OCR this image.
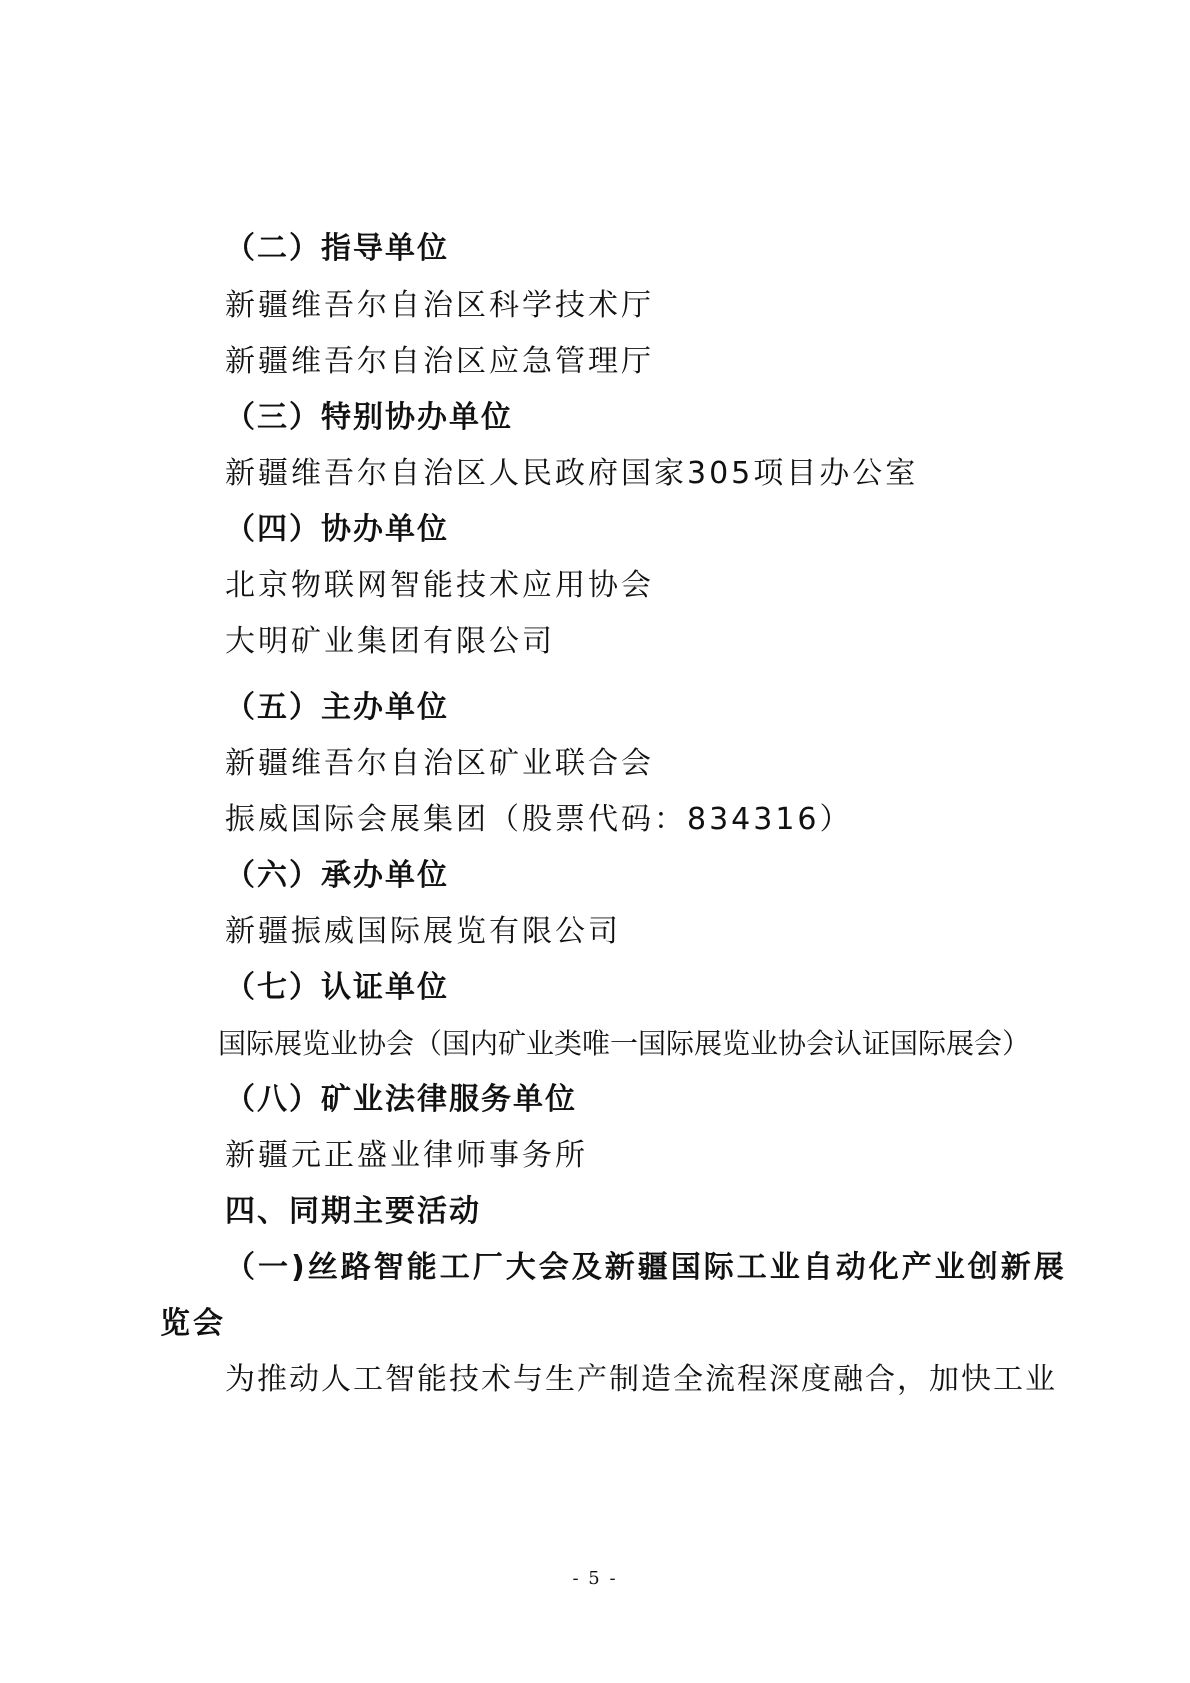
（二）指导单位
新疆维吾尔自治区科学技术厅
新疆维吾尔自治区应急管理厅
（三）特别协办单位
新疆维吾尔自治区人民政府国家305项目办公室
（四）协办单位
北京物联网智能技术应用协会
大明矿业集团有限公司
（五）主办单位
新疆维吾尔自治区矿业联合会
振威国际会展集团（股票代码：834316）
（六）承办单位
新疆振威国际展览有限公司
（七）认证单位
国际展览业协会（国内矿业类唯一国际展览业协会认证国际展会）
（八）矿业法律服务单位
新疆元正盛业律师事务所
四、同期主要活动
（一)丝路智能工厂大会及新疆国际工业自动化产业创新展
览会
为推动人工智能技术与生产制造全流程深度融合，加快工业
- 5 -
